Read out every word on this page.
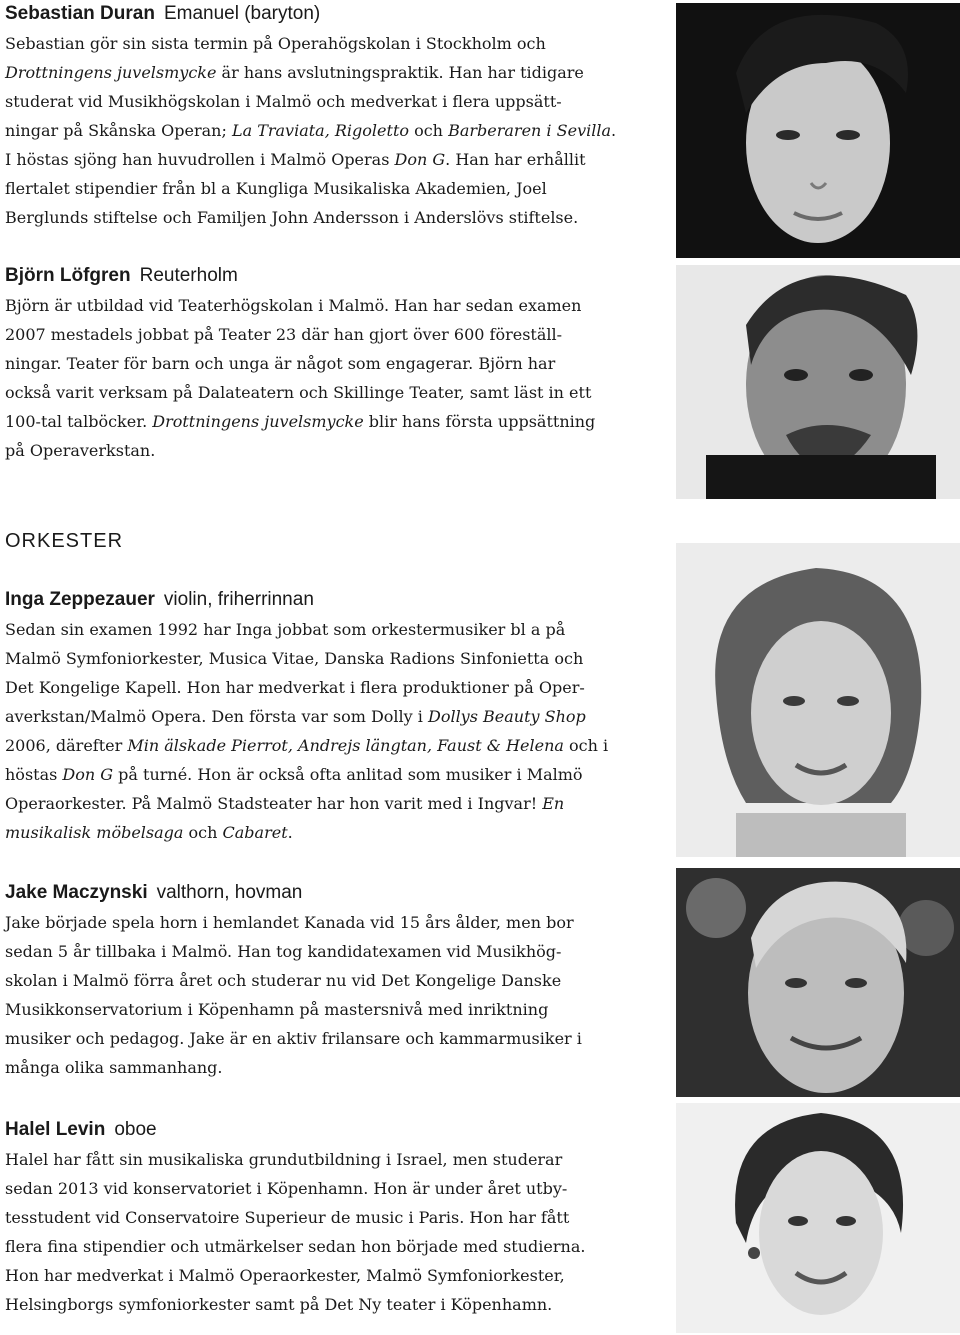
ORKESTER
Sebastian Duran Emanuel (baryton)

Sebastian gör sin sista termin på Operahögskolan i Stockholm och
Drottningens juvelsmycke är hans avslutningspraktik. Han har tidigare
studerat vid Musikhögskolan i Malmö och medverkat i flera uppsätt-
ningar på Skånska Operan; La Traviata, Rigoletto och Barberaren i Sevilla.
I höstas sjöng han huvudrollen i Malmö Operas Don G. Han har erhållit
flertalet stipendier från bl a Kungliga Musikaliska Akademien, Joel
Berglunds stiftelse och Familjen John Andersson i Anderslövs stiftelse.

Björn Löfgren Reuterholm

Björn är utbildad vid Teaterhögskolan i Malmö. Han har sedan examen
2007 mestadels jobbat på Teater 23 där han gjort över 600 föreställ-
ningar. Teater för barn och unga är något som engagerar. Björn har
också varit verksam på Dalateatern och Skillinge Teater, samt läst in ett
100-tal talböcker. Drottningens juvelsmycke blir hans första uppsättning
på Operaverkstan.

Inga Zeppezauer violin, friherrinnan

Sedan sin examen 1992 har Inga jobbat som orkestermusiker bl a på
Malmö Symfoniorkester, Musica Vitae, Danska Radions Sinfonietta och
Det Kongelige Kapell. Hon har medverkat i flera produktioner på Oper-
averkstan/Malmö Opera. Den första var som Dolly i Dollys Beauty Shop
2006, därefter Min älskade Pierrot, Andrejs längtan, Faust & Helena och i
höstas Don G på turné. Hon är också ofta anlitad som musiker i Malmö
Operaorkester. På Malmö Stadsteater har hon varit med i Ingvar! En
musikalisk möbelsaga och Cabaret.

Jake Maczynski valthorn, hovman

Jake började spela horn i hemlandet Kanada vid 15 års ålder, men bor
sedan 5 år tillbaka i Malmö. Han tog kandidatexamen vid Musikhög-
skolan i Malmö förra året och studerar nu vid Det Kongelige Danske
Musikkonservatorium i Köpenhamn på mastersnivå med inriktning
musiker och pedagog. Jake är en aktiv frilansare och kammarmusiker i
många olika sammanhang.

Halel Levin oboe

Halel har fått sin musikaliska grundutbildning i Israel, men studerar
sedan 2013 vid konservatoriet i Köpenhamn. Hon är under året utby-
tesstudent vid Conservatoire Superieur de music i Paris. Hon har fått
flera fina stipendier och utmärkelser sedan hon började med studierna.
Hon har medverkat i Malmö Operaorkester, Malmö Symfoniorkester,
Helsingborgs symfoniorkester samt på Det Ny teater i Köpenhamn.
